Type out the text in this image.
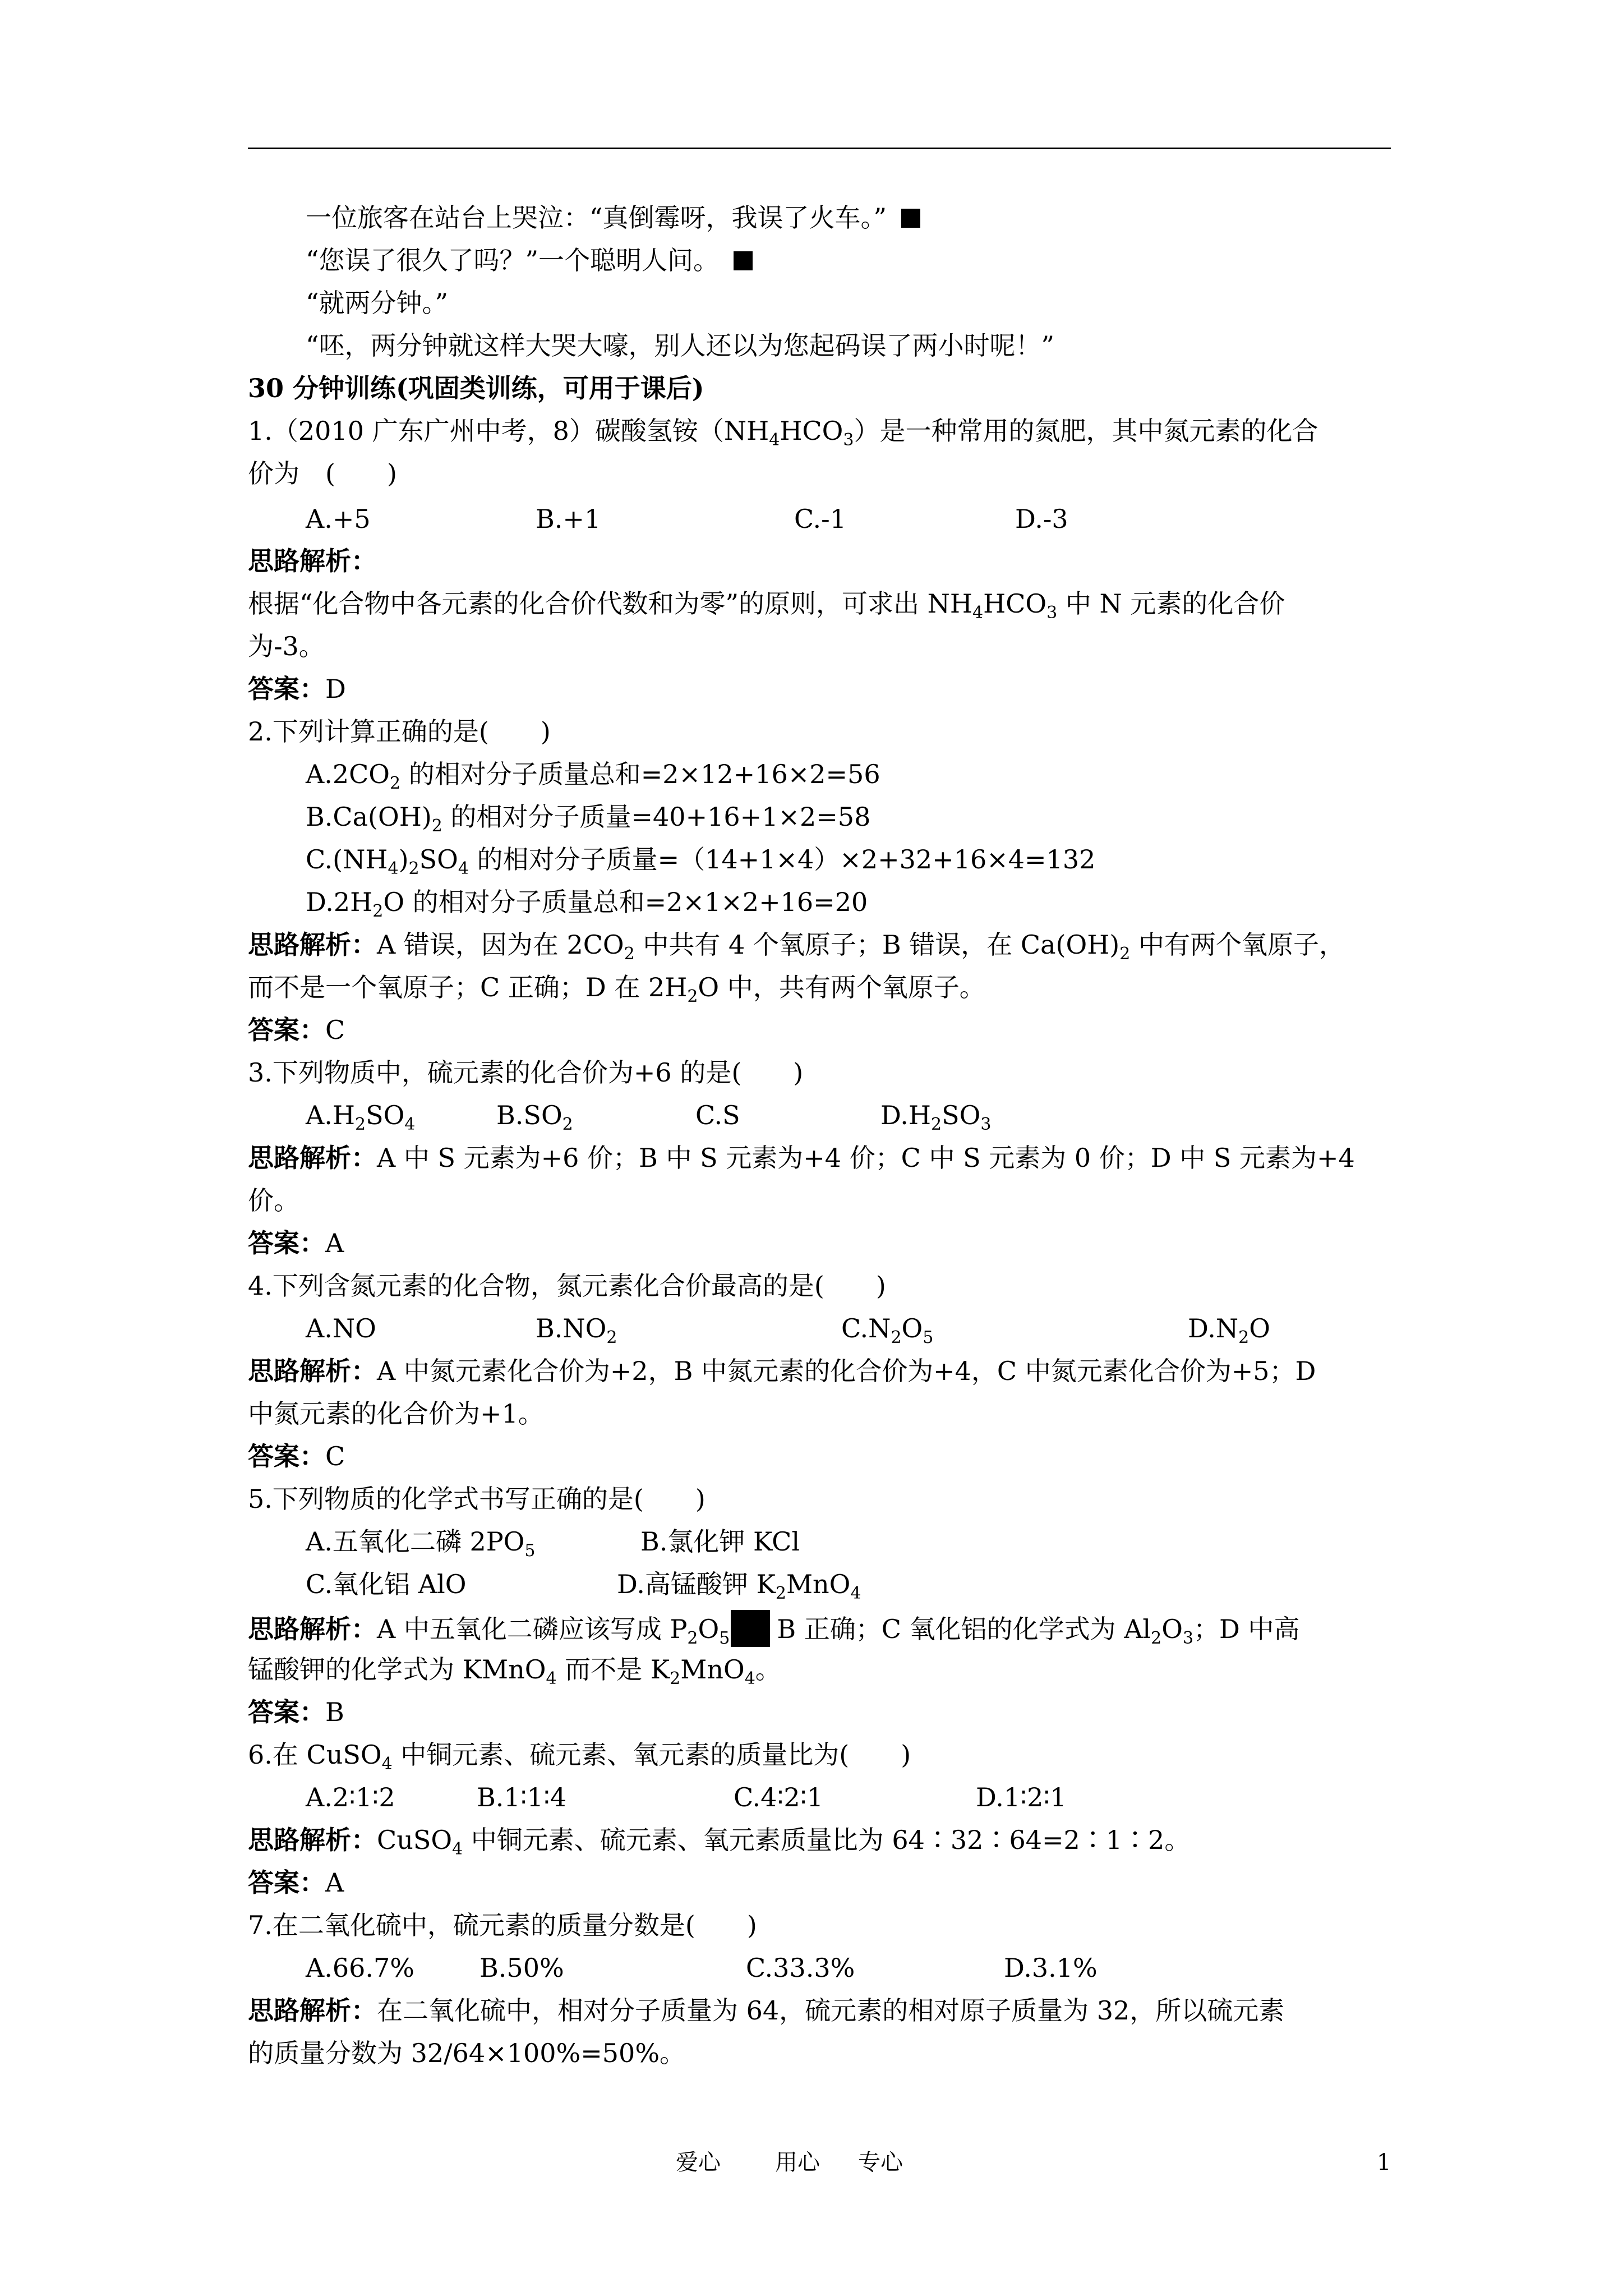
一位旅客在站台上哭泣：“真倒霉呀，我误了火车。”
“您误了很久了吗？”一个聪明人问。
“就两分钟。”
“呸，两分钟就这样大哭大嚎，别人还以为您起码误了两小时呢！”
30 分钟训练(巩固类训练，可用于课后)
1.（2010 广东广州中考，8）碳酸氢铵$(NH_4HCO_3)$是一种常用的氮肥，其中氮元素的化合
价为　(　　)
A.+5	B.+1	C.-1	D.-3
思路解析：
根据“化合物中各元素的化合价代数和为零”的原则，可求出 $NH_4HCO_3$ 中 N 元素的化合价
为-3。
答案：D
2.下列计算正确的是(　　)
$A.2CO_2$ 的相对分子质量总和=2×12+16×2=56
$B.Ca(OH)_2$ 的相对分子质量=40+16+1×2=58
$C.(NH_4)_2SO_4$ 的相对分子质量=（14+1×4）×2+32+16×4=132
$D.2H_2O$ 的相对分子质量总和=2×1×2+16=20
思路解析：A 错误，因为在 $2CO_2$ 中共有 4 个氧原子；B 错误，在 $Ca(OH)_2$ 中有两个氧原子，
而不是一个氧原子；C 正确；D 在 $2H_2O$ 中，共有两个氧原子。
答案：C
3.下列物质中，硫元素的化合价为+6 的是(　　)
$A.H_2SO_4$	$B.SO_2$	C.S	$D.H_2SO_3$
思路解析：A 中 S 元素为+6 价；B 中 S 元素为+4 价；C 中 S 元素为 0 价；D 中 S 元素为+4
价。
答案：A
4.下列含氮元素的化合物，氮元素化合价最高的是(　　)
A.NO	$B.NO_2$	$C.N_2O_5$	$D.N_2O$
思路解析：A 中氮元素化合价为+2，B 中氮元素的化合价为+4，C 中氮元素化合价为+5；D
中氮元素的化合价为+1。
答案：C
5.下列物质的化学式书写正确的是(　　)
A.五氧化二磷 $2PO_5$	B.氯化钾 KCl
C.氧化铝 AlO	D.高锰酸钾 $K_2MnO_4$
思路解析：A 中五氧化二磷应该写成 $P_2O_5$ B 正确；C 氧化铝的化学式为 $Al_2O_3$；D 中高
锰酸钾的化学式为 KMnO$_4$ 而不是 $K_2MnO_4$。
答案：B
6.在 CuSO$_4$ 中铜元素、硫元素、氧元素的质量比为(　　)
A.2∶1∶2	B.1∶1∶4	C.4∶2∶1	D.1∶2∶1
思路解析：CuSO$_4$ 中铜元素、硫元素、氧元素质量比为 64∶32∶64=2∶1∶2。
答案：A
7.在二氧化硫中，硫元素的质量分数是(　　)
A.66.7%	B.50%	C.33.3%	D.3.1%
思路解析：在二氧化硫中，相对分子质量为 64，硫元素的相对原子质量为 32，所以硫元素
的质量分数为 32/64×100%=50%。
爱心 用心 专心	1
